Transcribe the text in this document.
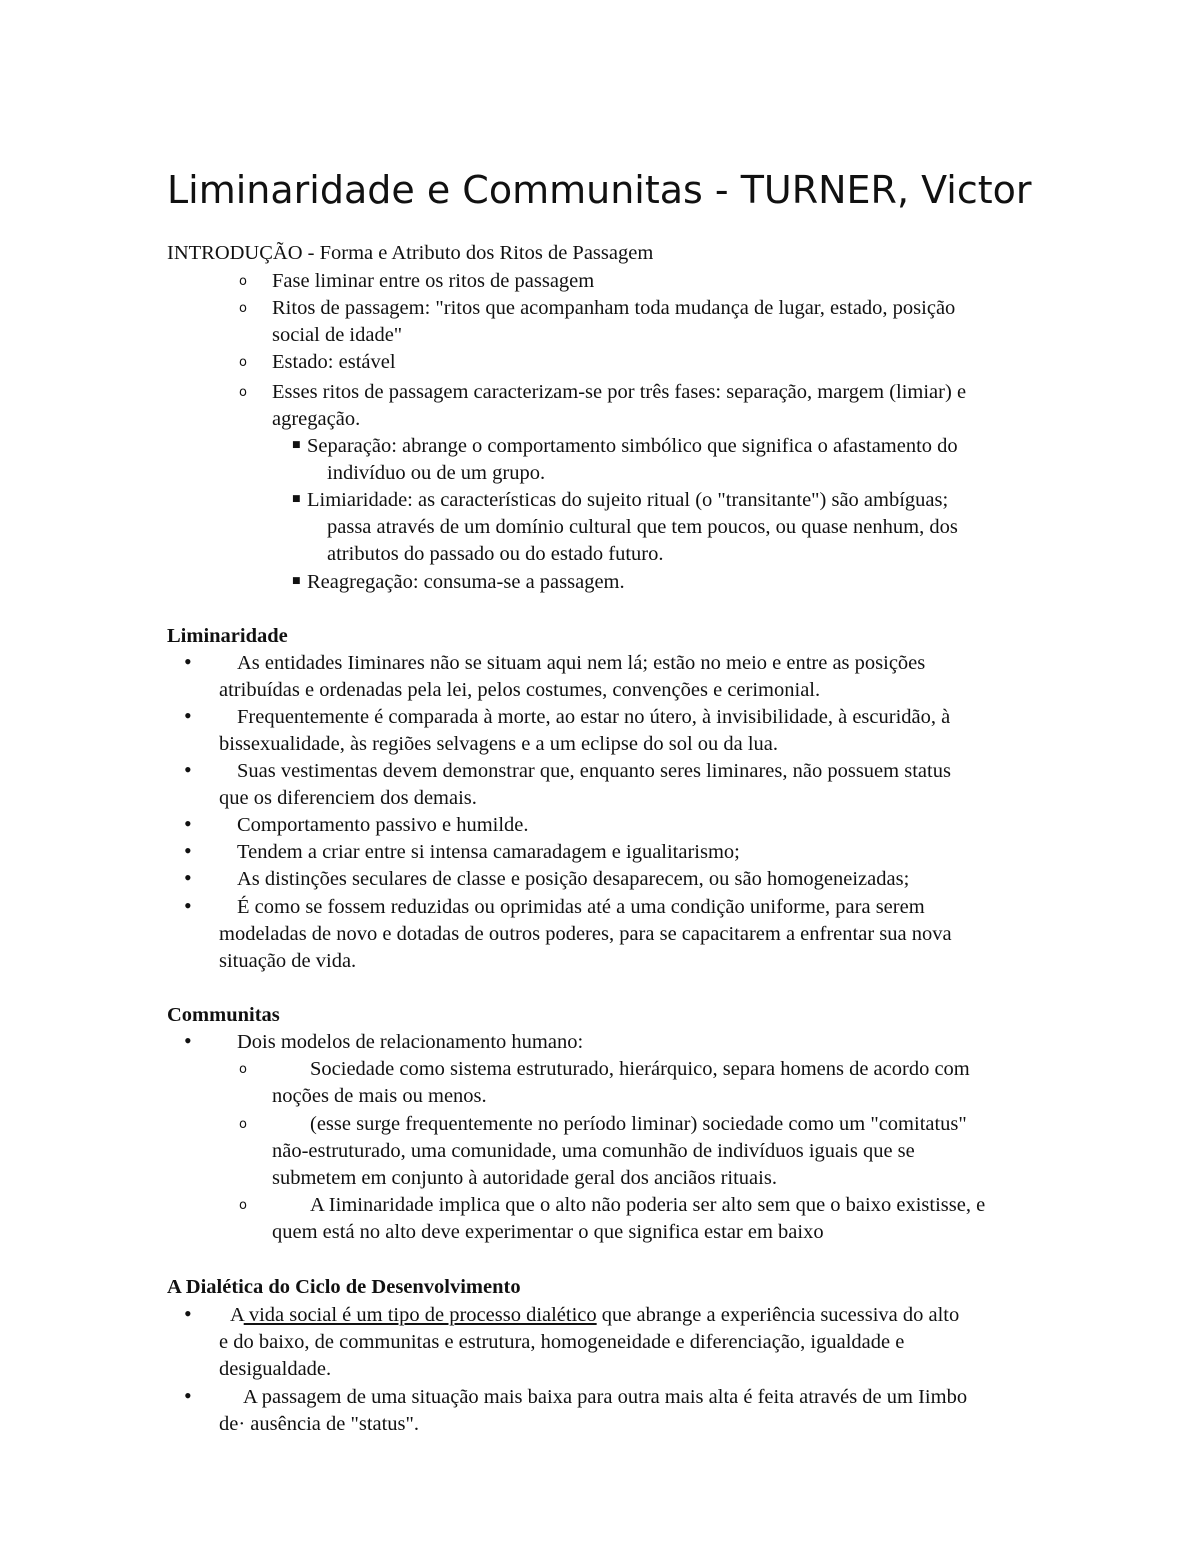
Liminaridade e Communitas - TURNER, Victor

INTRODUÇÃO - Forma e Atributo dos Ritos de Passagem

o Fase liminar entre os ritos de passagem

o Ritos de passagem: "ritos que acompanham toda mudança de lugar, estado, posição

social de idade"

o Estado: estável

o Esses ritos de passagem caracterizam-se por três fases: separação, margem (limiar) e

agregação.

■ Separação: abrange o comportamento simbólico que significa o afastamento do

indivíduo ou de um grupo.

■ Limiaridade: as características do sujeito ritual (o "transitante") são ambíguas;

passa através de um domínio cultural que tem poucos, ou quase nenhum, dos

atributos do passado ou do estado futuro.

■ Reagregação: consuma-se a passagem.

Liminaridade

• As entidades Iiminares não se situam aqui nem lá; estão no meio e entre as posições

atribuídas e ordenadas pela lei, pelos costumes, convenções e cerimonial.

• Frequentemente é comparada à morte, ao estar no útero, à invisibilidade, à escuridão, à

bissexualidade, às regiões selvagens e a um eclipse do sol ou da lua.

• Suas vestimentas devem demonstrar que, enquanto seres liminares, não possuem status

que os diferenciem dos demais.

• Comportamento passivo e humilde.

• Tendem a criar entre si intensa camaradagem e igualitarismo;

• As distinções seculares de classe e posição desaparecem, ou são homogeneizadas;

• É como se fossem reduzidas ou oprimidas até a uma condição uniforme, para serem

modeladas de novo e dotadas de outros poderes, para se capacitarem a enfrentar sua nova

situação de vida.

Communitas

• Dois modelos de relacionamento humano:

o	Sociedade como sistema estruturado, hierárquico, separa homens de acordo com

noções de mais ou menos.

o	(esse surge frequentemente no período liminar) sociedade como um "comitatus"

não-estruturado, uma comunidade, uma comunhão de indivíduos iguais que se

submetem em conjunto à autoridade geral dos anciãos rituais.

o	A Iiminaridade implica que o alto não poderia ser alto sem que o baixo existisse, e

quem está no alto deve experimentar o que significa estar em baixo

A Dialética do Ciclo de Desenvolvimento

• A vida social é um tipo de processo dialético que abrange a experiência sucessiva do alto

e do baixo, de communitas e estrutura, homogeneidade e diferenciação, igualdade e

desigualdade.

•	A passagem de uma situação mais baixa para outra mais alta é feita através de um Iimbo

de· ausência de "status".
